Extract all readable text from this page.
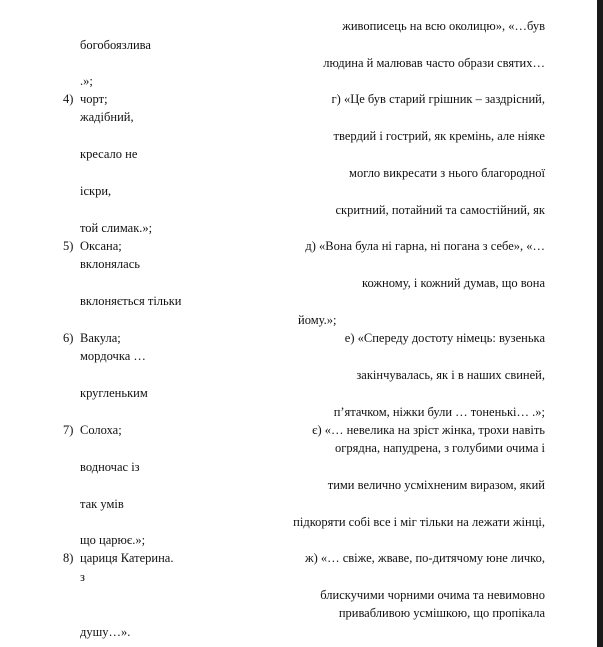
богобоязлива
.»;
4) чорт;
жадібний,
кресало не
іскри,
той слимак.»;
5) Оксана;
вклонялась
вклоняється тільки
6) Вакула;
мордочка …
кругленьким
7) Солоха;
водночас із
так умів
що царює.»;
8) цариця Катерина.
з
душу…».
живописець на всю околицю», «…був
людина й малював часто образи святих…
г) «Це був старий грішник – заздрісний,
твердий і гострий, як кремінь, але ніяке
могло викресати з нього благородної
скритний, потайний та самостійний, як
д) «Вона була ні гарна, ні погана з себе», «…
кожному, і кожний думав, що вона
йому.»;
е) «Спереду достоту німець: вузенька
закінчувалась, як і в наших свиней,
п’ятачком, ніжки були … тоненькі… .»;
є) «… невелика на зріст жінка, трохи навіть
огрядна, напудрена, з голубими очима і
тими велично усміхненим виразом, який
підкоряти собі все і міг тільки на лежати жінці,
ж) «… свіже, жваве, по-дитячому юне личко,
блискучими чорними очима та невимовно
привабливою усмішкою, що пропікала
